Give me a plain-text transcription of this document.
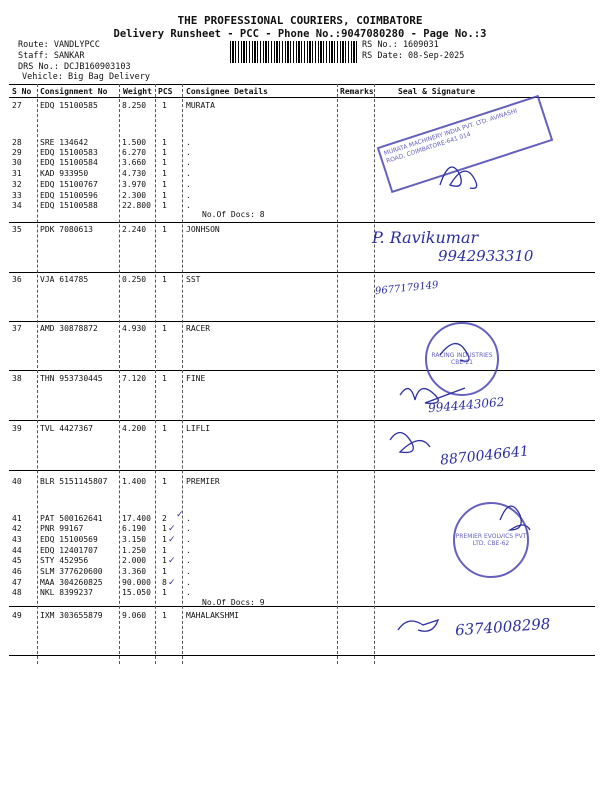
THE PROFESSIONAL COURIERS, COIMBATORE
Delivery Runsheet - PCC - Phone No.:9047080280 - Page No.:3
Route: VANDLYPCC
Staff: SANKAR
DRS No.: DCJB160903103
Vehicle: Big Bag Delivery
RS No.: 1609031
RS Date: 08-Sep-2025
S No Consignment No Weight PCS Consignee Details	Remarks	Seal & Signature
27 EDQ 15100585	8.250 1 MURATA
28 SRE 134642	1.500 1 .
29 EDQ 15100583	6.270 1 .
30 EDQ 15100584	3.660 1 .
31 KAD 933950	4.730 1 .
32 EDQ 15100767	3.970 1 .
33 EDQ 15100596	2.300 1 .
34 EDQ 15100588	22.800 1 .
35 PDK 7080613	2.240 1 JONHSON
36 VJA 614785	0.250 1 SST
37 AMD 30878872	4.930 1 RACER
38 THN 953730445 7.120 1 FINE
39 TVL 4427367	4.200 1 LIFLI
40 BLR 5151145807 1.400 1 PREMIER
41 PAT 500162641 17.400 2 .
42 PNR 99167	6.190 1 .
43 EDQ 15100569	3.150 1 .
44 EDQ 12401707	1.250 1 .
45 STY 452956	2.000 1 .
46 SLM 377620600 3.360 1 .
47 MAA 304260825 90.000 8 .
48 NKL 8399237	15.050 1 .
49 IXM 303655879 9.060 1 MAHALAKSHMI
No.Of Docs: 8
No.Of Docs: 9
MURATA MACHINERY INDIA PVT. LTD. AVINASHI ROAD, COIMBATORE-641 014
RACING INDUSTRIES CBE-21
PREMIER EVOLVICS PVT LTD. CBE-62
P. Ravikumar
9942933310
9677179149
9944443062
8870046641
6374008298
✓
✓
✓
✓
✓
